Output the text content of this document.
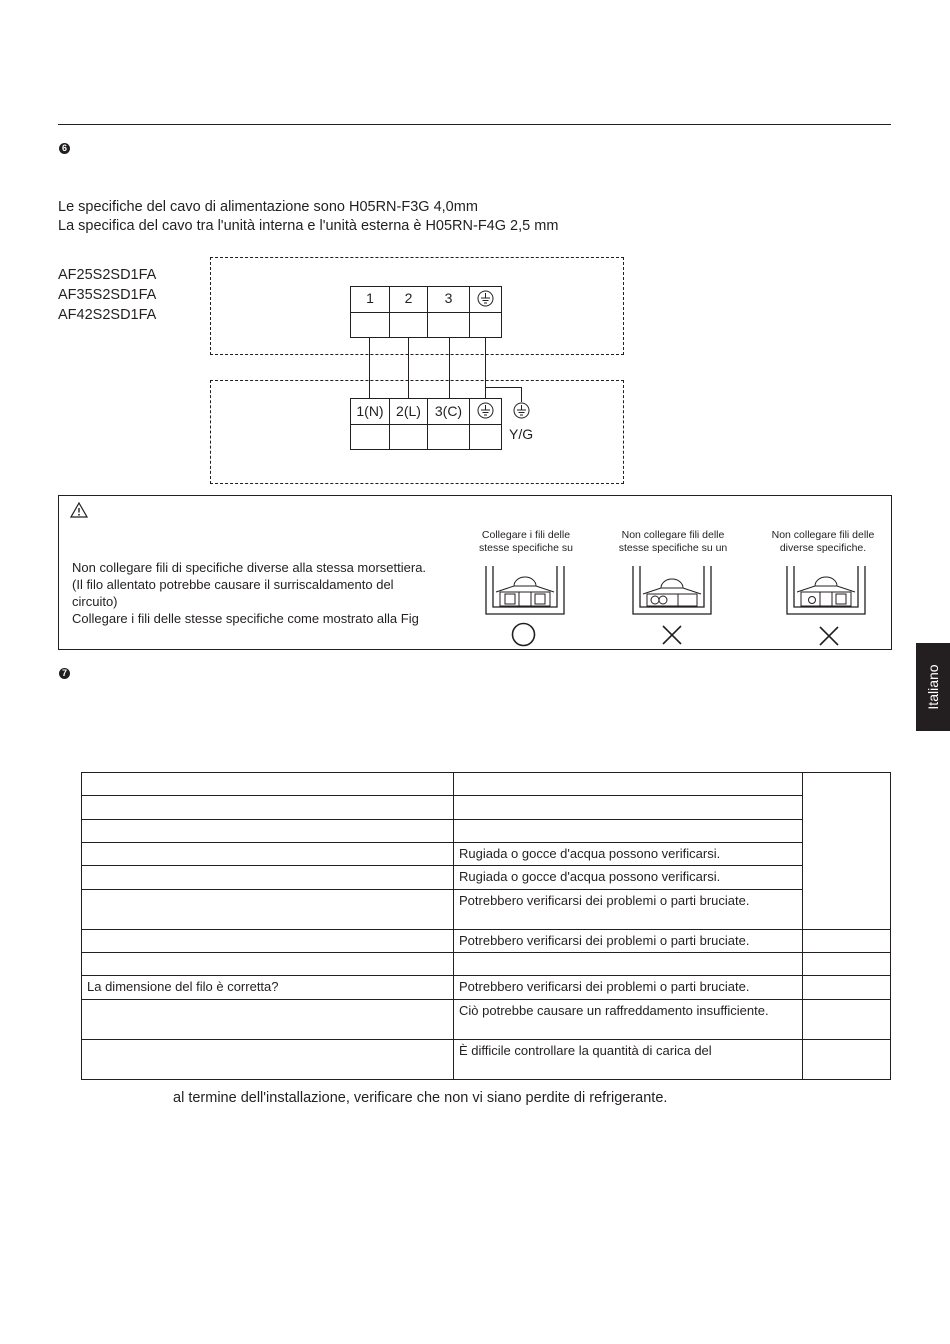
6
Le specifiche del cavo di alimentazione sono H05RN-F3G 4,0mm
La specifica del cavo tra l'unità interna e l'unità esterna è H05RN-F4G 2,5 mm
AF25S2SD1FA
AF35S2SD1FA
AF42S2SD1FA
1	2	3
1(N) 2(L) 3(C)
Y/G
Non collegare fili di specifiche diverse alla stessa morsettiera.
(Il filo allentato potrebbe causare il surriscaldamento del
circuito)
Collegare i fili delle stesse specifiche come mostrato alla Fig
Collegare i fili delle
stesse specifiche su
Non collegare fili delle
stesse specifiche su un
Non collegare fili delle
diverse specifiche.
7	Italiano

	Rugiada o gocce d'acqua possono verificarsi.	
	Rugiada o gocce d'acqua possono verificarsi.	
	Potrebbero verificarsi dei problemi o parti bruciate.	
	Potrebbero verificarsi dei problemi o parti bruciate.	

La dimensione del filo è corretta?	Potrebbero verificarsi dei problemi o parti bruciate.	
	Ciò potrebbe causare un raffreddamento insufficiente.	
	È difficile controllare la quantità di carica del	
al termine dell'installazione, verificare che non vi siano perdite di refrigerante.
